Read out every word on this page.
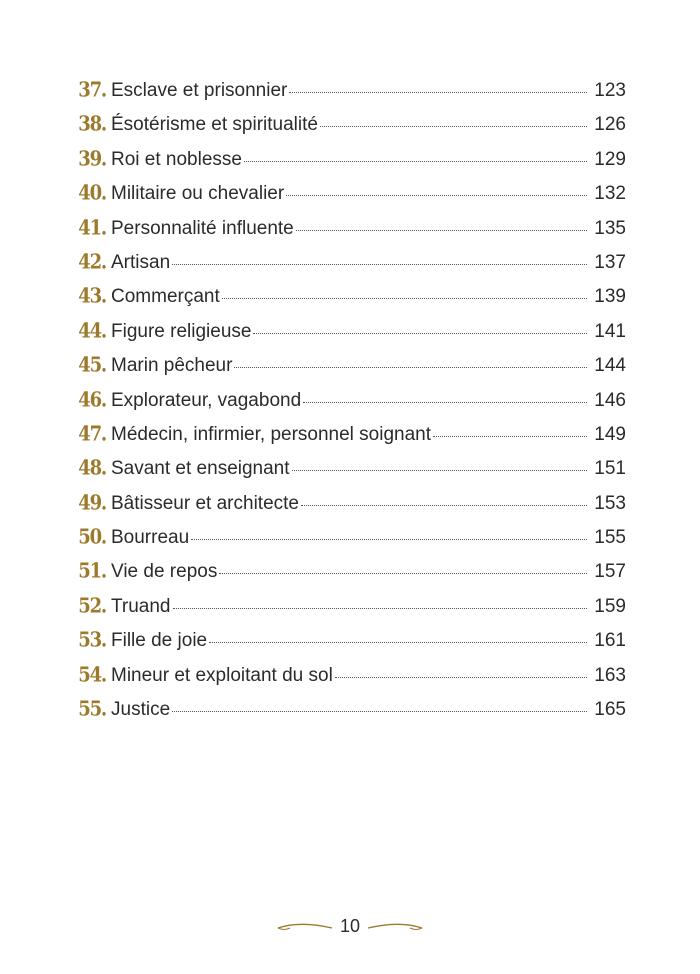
37. Esclave et prisonnier	123
38. Ésotérisme et spiritualité	126
39. Roi et noblesse	129
40. Militaire ou chevalier	132
41. Personnalité influente	135
42. Artisan	137
43. Commerçant	139
44. Figure religieuse	141
45. Marin pêcheur	144
46. Explorateur, vagabond	146
47. Médecin, infirmier, personnel soignant	149
48. Savant et enseignant	151
49. Bâtisseur et architecte	153
50. Bourreau	155
51. Vie de repos	157
52. Truand	159
53. Fille de joie	161
54. Mineur et exploitant du sol	163
55. Justice	165
10
